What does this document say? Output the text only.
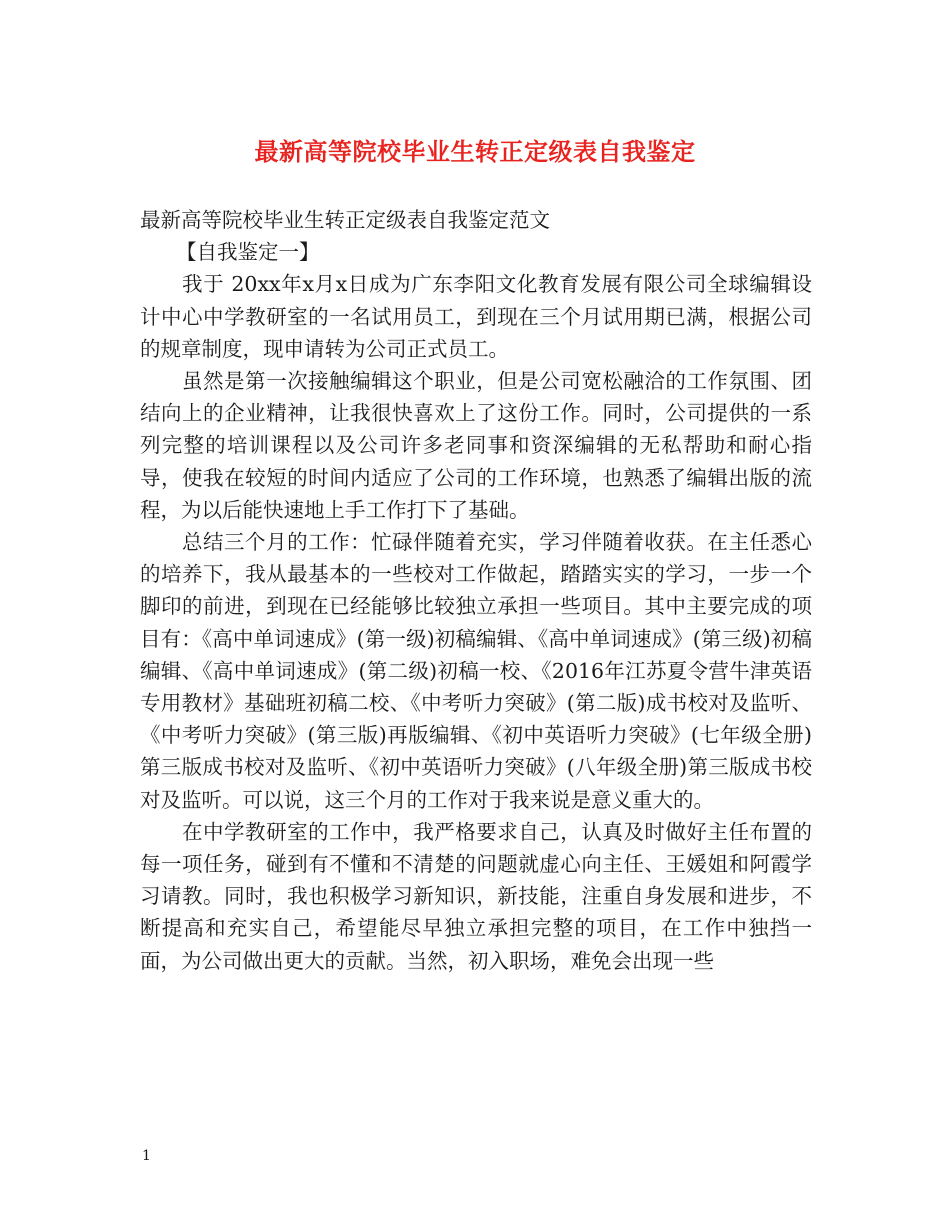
最新高等院校毕业生转正定级表自我鉴定

最新高等院校毕业生转正定级表自我鉴定范文

【自我鉴定一】

我于 20xx年x月x日成为广东李阳文化教育发展有限公司全球编辑设计中心中学教研室的一名试用员工，到现在三个月试用期已满，根据公司的规章制度，现申请转为公司正式员工。

虽然是第一次接触编辑这个职业，但是公司宽松融洽的工作氛围、团结向上的企业精神，让我很快喜欢上了这份工作。同时，公司提供的一系列完整的培训课程以及公司许多老同事和资深编辑的无私帮助和耐心指导，使我在较短的时间内适应了公司的工作环境，也熟悉了编辑出版的流程，为以后能快速地上手工作打下了基础。

总结三个月的工作：忙碌伴随着充实，学习伴随着收获。在主任悉心的培养下，我从最基本的一些校对工作做起，踏踏实实的学习，一步一个脚印的前进，到现在已经能够比较独立承担一些项目。其中主要完成的项目有：《高中单词速成》(第一级)初稿编辑、《高中单词速成》(第三级)初稿编辑、《高中单词速成》(第二级)初稿一校、《2016年江苏夏令营牛津英语专用教材》基础班初稿二校、《中考听力突破》(第二版)成书校对及监听、《中考听力突破》(第三版)再版编辑、《初中英语听力突破》(七年级全册)第三版成书校对及监听、《初中英语听力突破》(八年级全册)第三版成书校对及监听。可以说，这三个月的工作对于我来说是意义重大的。

在中学教研室的工作中，我严格要求自己，认真及时做好主任布置的每一项任务，碰到有不懂和不清楚的问题就虚心向主任、王媛姐和阿霞学习请教。同时，我也积极学习新知识，新技能，注重自身发展和进步，不断提高和充实自己，希望能尽早独立承担完整的项目，在工作中独挡一面，为公司做出更大的贡献。当然，初入职场，难免会出现一些

1
